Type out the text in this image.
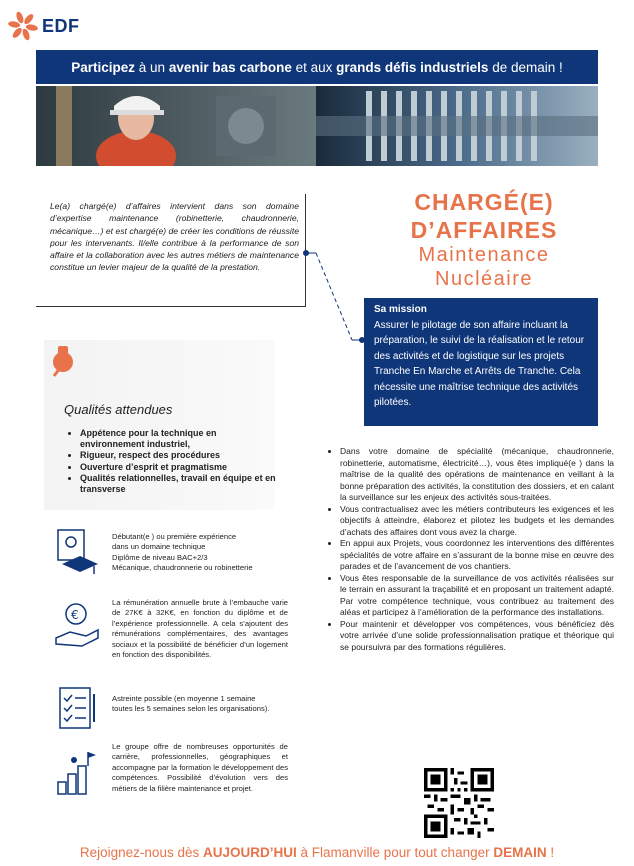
EDF
Participez à un avenir bas carbone et aux grands défis industriels de demain !
Le(a) chargé(e) d’affaires intervient dans son domaine d’expertise maintenance (robinetterie, chaudronnerie, mécanique…) et est chargé(e) de créer les conditions de réussite pour les intervenants. Il/elle contribue à la performance de son affaire et la collaboration avec les autres métiers de maintenance constitue un levier majeur de la qualité de la prestation.
CHARGÉ(E)
D’AFFAIRES
Maintenance
Nucléaire
Sa mission
Assurer le pilotage de son affaire incluant la préparation, le suivi de la réalisation et le retour des activités et de logistique sur les projets Tranche En Marche et Arrêts de Tranche. Cela nécessite une maîtrise technique des activités pilotées.
Qualités attendues
• Appétence pour la technique en environnement industriel,
• Rigueur, respect des procédures
• Ouverture d’esprit et pragmatisme
• Qualités relationnelles, travail en équipe et en transverse
€
Débutant(e ) ou première expérience
dans un domaine technique
Diplôme de niveau BAC+2/3
Mécanique, chaudronnerie ou robinetterie
La rémunération annuelle brute à l’embauche varie de 27K€ à 32K€, en fonction du diplôme et de l’expérience professionnelle. A cela s’ajoutent des rémunérations complémentaires, des avantages sociaux et la possibilité de bénéficier d’un logement en fonction des disponibilités.
Astreinte possible (en moyenne 1 semaine
toutes les 5 semaines selon les organisations).
Le groupe offre de nombreuses opportunités de carrière, professionnelles, géographiques et accompagne par la formation le développement des compétences. Possibilité d’évolution vers des métiers de la filière maintenance et projet.
• Dans votre domaine de spécialité (mécanique, chaudronnerie, robinetterie, automatisme, électricité…), vous êtes impliqué(e ) dans la maîtrise de la qualité des opérations de maintenance en veillant à la bonne préparation des activités, la constitution des dossiers, et en calant la surveillance sur les enjeux des activités sous-traitées.
• Vous contractualisez avec les métiers contributeurs les exigences et les objectifs à atteindre, élaborez et pilotez les budgets et les demandes d’achats des affaires dont vous avez la charge.
• En appui aux Projets, vous coordonnez les interventions des différentes spécialités de votre affaire en s’assurant de la bonne mise en œuvre des parades et de l’avancement de vos chantiers.
• Vous êtes responsable de la surveillance de vos activités réalisées sur le terrain en assurant la traçabilité et en proposant un traitement adapté. Par votre compétence technique, vous contribuez au traitement des aléas et participez à l’amélioration de la performance des installations.
• Pour maintenir et développer vos compétences, vous bénéficiez dès votre arrivée d’une solide professionnalisation pratique et théorique qui se poursuivra par des formations régulières.
Rejoignez-nous dès AUJOURD’HUI à Flamanville pour tout changer DEMAIN !
